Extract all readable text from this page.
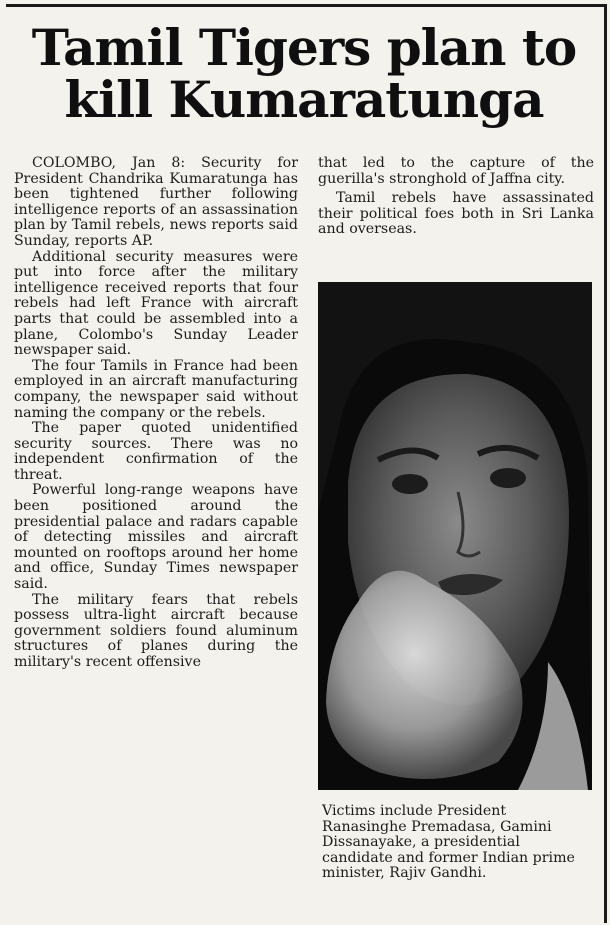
Tamil Tigers plan to
kill Kumaratunga

COLOMBO, Jan 8: Security for President Chandrika Kumaratunga has been tightened further following intelligence reports of an assassination plan by Tamil rebels, news reports said Sunday, reports AP.

Additional security measures were put into force after the military intelligence received reports that four rebels had left France with aircraft parts that could be assembled into a plane, Colombo's Sunday Leader newspaper said.

The four Tamils in France had been employed in an aircraft manufacturing company, the newspaper said without naming the company or the rebels.

The paper quoted unidentified security sources. There was no independent confirmation of the threat.

Powerful long-range weapons have been positioned around the presidential palace and radars capable of detecting missiles and aircraft mounted on rooftops around her home and office, Sunday Times newspaper said.

The military fears that rebels possess ultra-light aircraft because government soldiers found aluminum structures of planes during the military's recent offensive

that led to the capture of the guerilla's stronghold of Jaffna city.

Tamil rebels have assassinated their political foes both in Sri Lanka and overseas.

Victims include President Ranasinghe Premadasa, Gamini Dissanayake, a presidential candidate and former Indian prime minister, Rajiv Gandhi.
